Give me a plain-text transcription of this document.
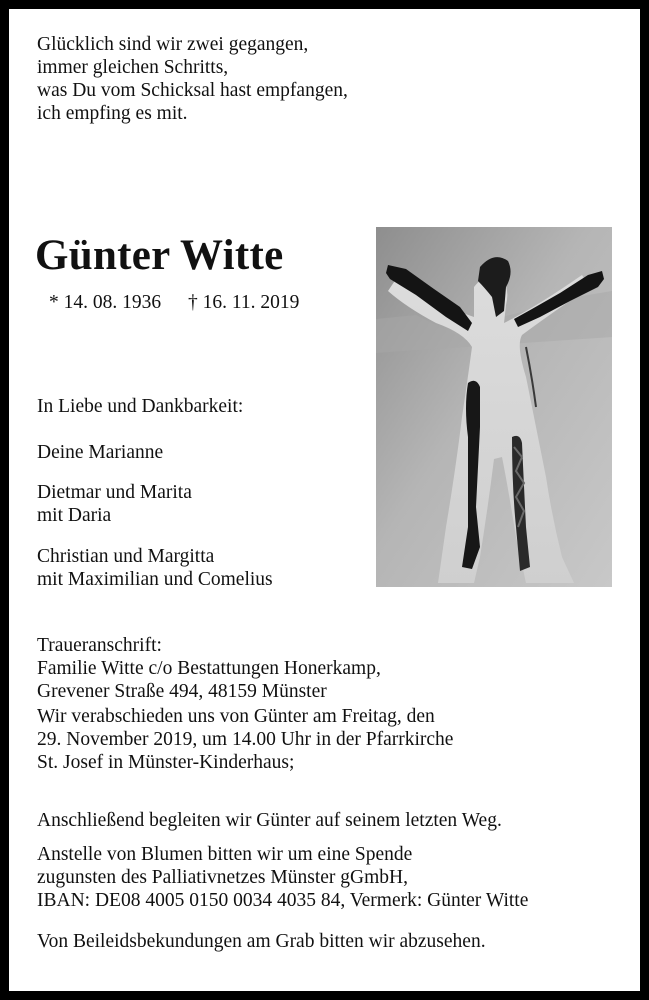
Glücklich sind wir zwei gegangen,
immer gleichen Schritts,
was Du vom Schicksal hast empfangen,
ich empfing es mit.
Günter Witte
* 14. 08. 1936 † 16. 11. 2019
In Liebe und Dankbarkeit:
Deine Marianne
Dietmar und Marita
mit Daria
Christian und Margitta
mit Maximilian und Comelius
Traueranschrift:
Familie Witte c/o Bestattungen Honerkamp,
Grevener Straße 494, 48159 Münster
Wir verabschieden uns von Günter am Freitag, den
29. November 2019, um 14.00 Uhr in der Pfarrkirche
St. Josef in Münster-Kinderhaus;
Anschließend begleiten wir Günter auf seinem letzten Weg.
Anstelle von Blumen bitten wir um eine Spende
zugunsten des Palliativnetzes Münster gGmbH,
IBAN: DE08 4005 0150 0034 4035 84, Vermerk: Günter Witte
Von Beileidsbekundungen am Grab bitten wir abzusehen.
